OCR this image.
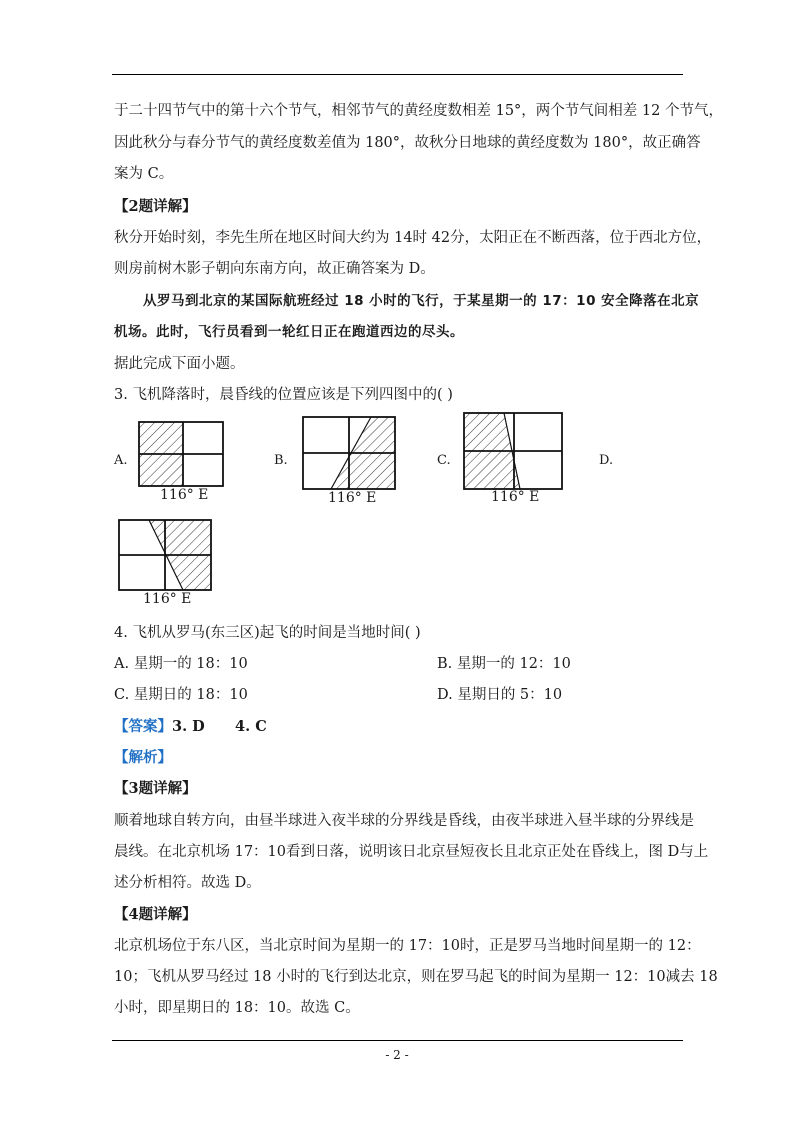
于二十四节气中的第十六个节气，相邻节气的黄经度数相差 15°，两个节气间相差 12 个节气，
因此秋分与春分节气的黄经度数差值为 180°，故秋分日地球的黄经度数为 180°，故正确答
案为 C。
【2题详解】
秋分开始时刻，李先生所在地区时间大约为 14时 42分，太阳正在不断西落，位于西北方位，
则房前树木影子朝向东南方向，故正确答案为 D。
从罗马到北京的某国际航班经过 18 小时的飞行，于某星期一的 17：10 安全降落在北京
机场。此时，飞行员看到一轮红日正在跑道西边的尽头。
据此完成下面小题。
3. 飞机降落时，晨昏线的位置应该是下列四图中的( )
A.
116° E
B.
116° E
C.
116° E
D.
116° E
4. 飞机从罗马(东三区)起飞的时间是当地时间( )
A. 星期一的 18：10	B. 星期一的 12：10
C. 星期日的 18：10	D. 星期日的 5：10
【答案】3. D      4. C
【解析】
【3题详解】
顺着地球自转方向，由昼半球进入夜半球的分界线是昏线，由夜半球进入昼半球的分界线是
晨线。在北京机场 17：10看到日落，说明该日北京昼短夜长且北京正处在昏线上，图 D与上
述分析相符。故选 D。
【4题详解】
北京机场位于东八区，当北京时间为星期一的 17：10时，正是罗马当地时间星期一的 12：
10；飞机从罗马经过 18 小时的飞行到达北京，则在罗马起飞的时间为星期一 12：10减去 18
小时，即星期日的 18：10。故选 C。
- 2 -
